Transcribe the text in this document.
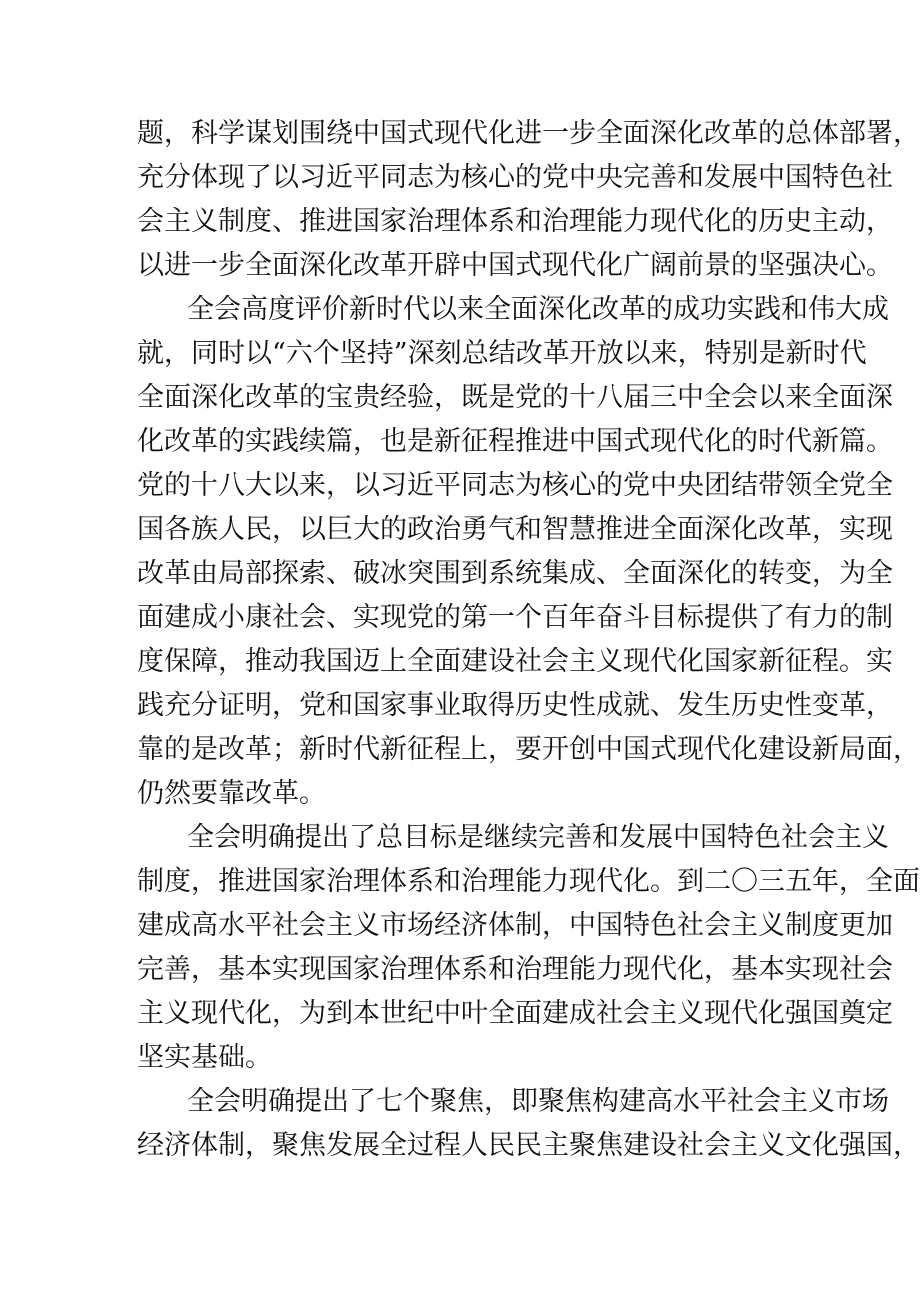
题，科学谋划围绕中国式现代化进一步全面深化改革的总体部署，
充分体现了以习近平同志为核心的党中央完善和发展中国特色社
会主义制度、推进国家治理体系和治理能力现代化的历史主动，
以进一步全面深化改革开辟中国式现代化广阔前景的坚强决心。
全会高度评价新时代以来全面深化改革的成功实践和伟大成
就，同时以“六个坚持”深刻总结改革开放以来，特别是新时代
全面深化改革的宝贵经验，既是党的十八届三中全会以来全面深
化改革的实践续篇，也是新征程推进中国式现代化的时代新篇。
党的十八大以来，以习近平同志为核心的党中央团结带领全党全
国各族人民，以巨大的政治勇气和智慧推进全面深化改革，实现
改革由局部探索、破冰突围到系统集成、全面深化的转变，为全
面建成小康社会、实现党的第一个百年奋斗目标提供了有力的制
度保障，推动我国迈上全面建设社会主义现代化国家新征程。实
践充分证明，党和国家事业取得历史性成就、发生历史性变革，
靠的是改革；新时代新征程上，要开创中国式现代化建设新局面，
仍然要靠改革。
全会明确提出了总目标是继续完善和发展中国特色社会主义
制度，推进国家治理体系和治理能力现代化。到二〇三五年，全面
建成高水平社会主义市场经济体制，中国特色社会主义制度更加
完善，基本实现国家治理体系和治理能力现代化，基本实现社会
主义现代化，为到本世纪中叶全面建成社会主义现代化强国奠定
坚实基础。
全会明确提出了七个聚焦，即聚焦构建高水平社会主义市场
经济体制，聚焦发展全过程人民民主聚焦建设社会主义文化强国，
